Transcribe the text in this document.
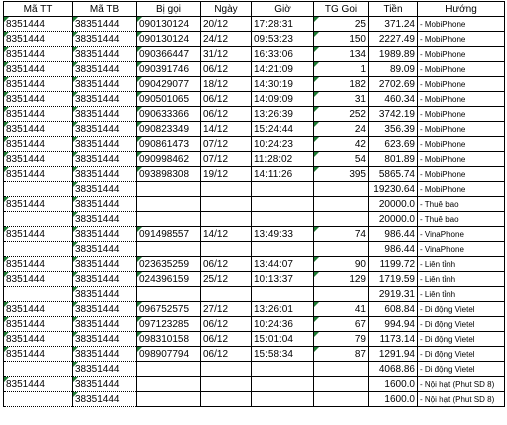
Mã TT	Mã TB	Bị gọi	Ngày	Giờ	TG Goi	Tiền	Hướng
8351444	38351444	090130124	20/12	17:28:31	25	371.24	- MobiPhone
8351444	38351444	090130124	24/12	09:53:23	150	2227.49	- MobiPhone
8351444	38351444	090366447	31/12	16:33:06	134	1989.89	- MobiPhone
8351444	38351444	090391746	06/12	14:21:09	1	89.09	- MobiPhone
8351444	38351444	090429077	18/12	14:30:19	182	2702.69	- MobiPhone
8351444	38351444	090501065	06/12	14:09:09	31	460.34	- MobiPhone
8351444	38351444	090633366	06/12	13:26:39	252	3742.19	- MobiPhone
8351444	38351444	090823349	14/12	15:24:44	24	356.39	- MobiPhone
8351444	38351444	090861473	07/12	10:24:23	42	623.69	- MobiPhone
8351444	38351444	090998462	07/12	11:28:02	54	801.89	- MobiPhone
8351444	38351444	093898308	19/12	14:11:26	395	5865.74	- MobiPhone
	38351444					19230.64	- MobiPhone
8351444	38351444					20000.0	- Thuê bao
	38351444					20000.0	- Thuê bao
8351444	38351444	091498557	14/12	13:49:33	74	986.44	- VinaPhone
	38351444					986.44	- VinaPhone
8351444	38351444	023635259	06/12	13:44:07	90	1199.72	- Liên tỉnh
8351444	38351444	024396159	25/12	10:13:37	129	1719.59	- Liên tỉnh
	38351444					2919.31	- Liên tỉnh
8351444	38351444	096752575	27/12	13:26:01	41	608.84	- Di động Vietel
8351444	38351444	097123285	06/12	10:24:36	67	994.94	- Di động Vietel
8351444	38351444	098310158	06/12	15:01:04	79	1173.14	- Di động Vietel
8351444	38351444	098907794	06/12	15:58:34	87	1291.94	- Di động Vietel
	38351444					4068.86	- Di động Vietel
8351444	38351444					1600.0	- Nội hạt (Phut SD 8)
	38351444					1600.0	- Nội hạt (Phut SD 8)
